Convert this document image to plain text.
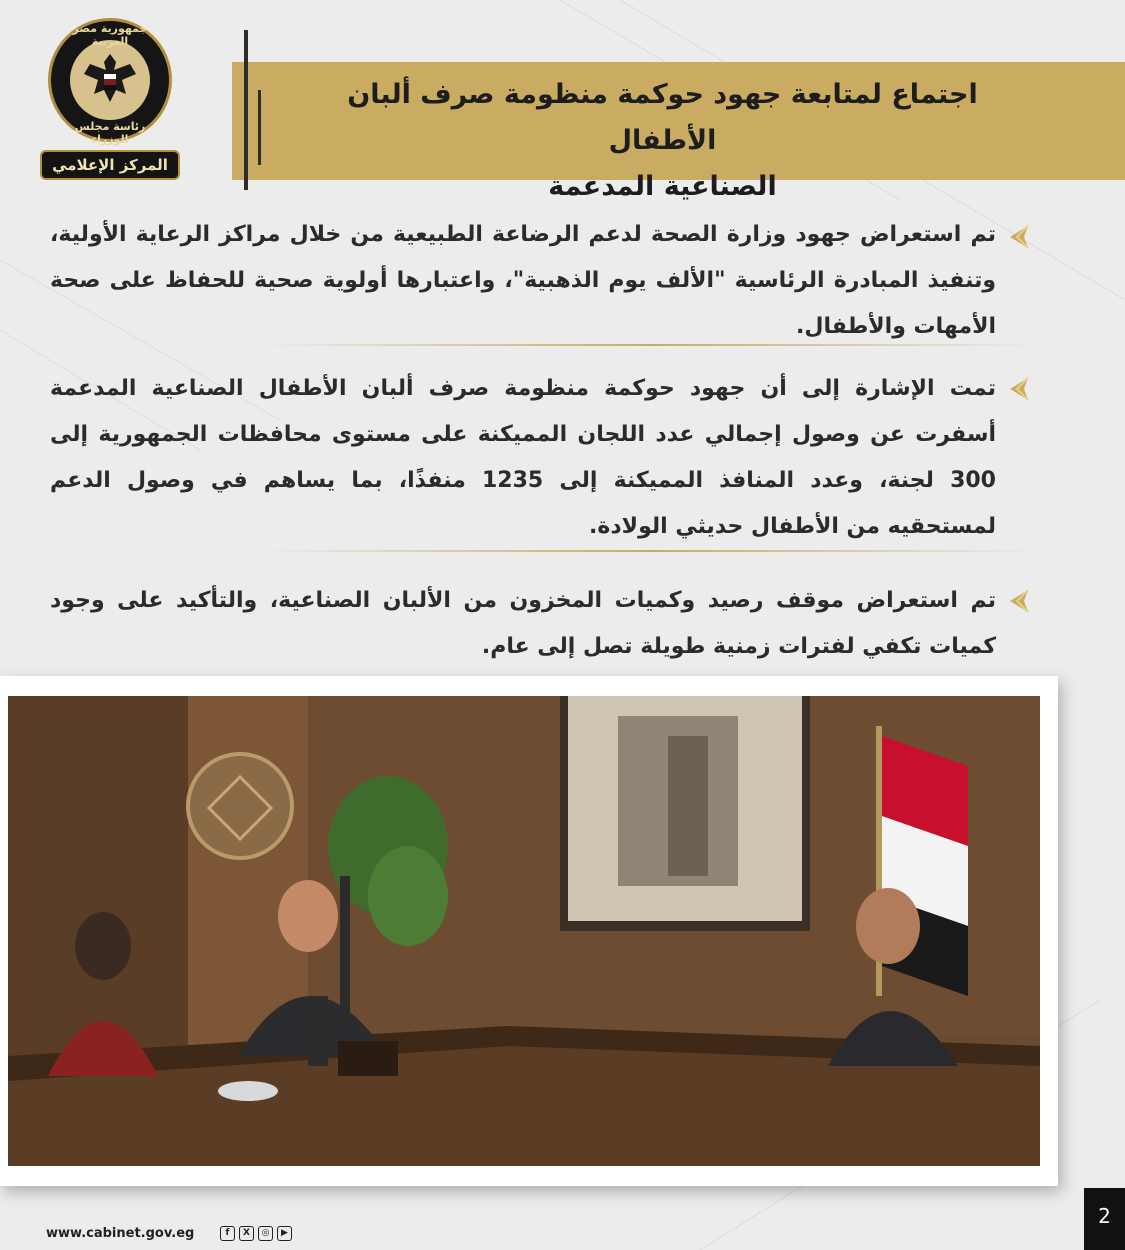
جمهورية مصر العربية
رئاسة مجلس الوزراء
المركز الإعلامي
اجتماع لمتابعة جهود حوكمة منظومة صرف ألبان الأطفال
الصناعية المدعمة
تم استعراض جهود وزارة الصحة لدعم الرضاعة الطبيعية من خلال مراكز الرعاية الأولية، وتنفيذ المبادرة الرئاسية "الألف يوم الذهبية"، واعتبارها أولوية صحية للحفاظ على صحة الأمهات والأطفال.
تمت الإشارة إلى أن جهود حوكمة منظومة صرف ألبان الأطفال الصناعية المدعمة أسفرت عن وصول إجمالي عدد اللجان المميكنة على مستوى محافظات الجمهورية إلى 300 لجنة، وعدد المنافذ المميكنة إلى 1235 منفذًا، بما يساهم في وصول الدعم لمستحقيه من الأطفال حديثي الولادة.
تم استعراض موقف رصيد وكميات المخزون من الألبان الصناعية، والتأكيد على وجود كميات تكفي لفترات زمنية طويلة تصل إلى عام.
www.cabinet.gov.eg	f	X	◎	▶
2
